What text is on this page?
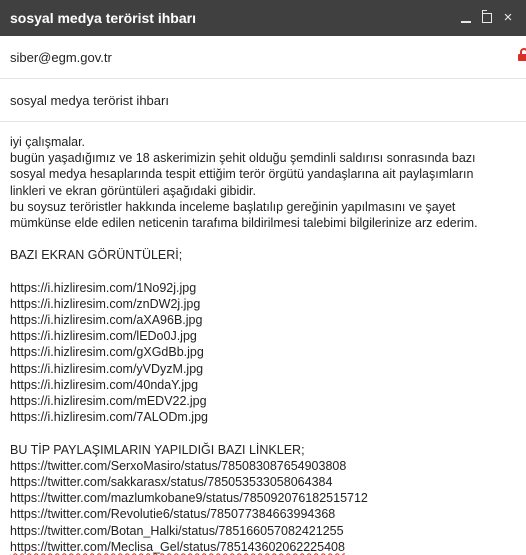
sosyal medya terörist ihbarı	×
siber@egm.gov.tr
sosyal medya terörist ihbarı
iyi çalışmalar.
bugün yaşadığımız ve 18 askerimizin şehit olduğu şemdinli saldırısı sonrasında bazı
sosyal medya hesaplarında tespit ettiğim terör örgütü yandaşlarına ait paylaşımların
linkleri ve ekran görüntüleri aşağıdaki gibidir.
bu soysuz teröristler hakkında inceleme başlatılıp gereğinin yapılmasını ve şayet
mümkünse elde edilen neticenin tarafıma bildirilmesi talebimi bilgilerinize arz ederim.
BAZI EKRAN GÖRÜNTÜLERİ;
https://i.hizliresim.com/1No92j.jpg
https://i.hizliresim.com/znDW2j.jpg
https://i.hizliresim.com/aXA96B.jpg
https://i.hizliresim.com/lEDo0J.jpg
https://i.hizliresim.com/gXGdBb.jpg
https://i.hizliresim.com/yVDyzM.jpg
https://i.hizliresim.com/40ndaY.jpg
https://i.hizliresim.com/mEDV22.jpg
https://i.hizliresim.com/7ALODm.jpg
BU TİP PAYLAŞIMLARIN YAPILDIĞI BAZI LİNKLER;
https://twitter.com/SerxoMasiro/status/785083087654903808
https://twitter.com/sakkarasx/status/785053533058064384
https://twitter.com/mazlumkobane9/status/785092076182515712
https://twitter.com/Revolutie6/status/785077384663994368
https://twitter.com/Botan_Halki/status/785166057082421255
https://twitter.com/Meclisa_Gel/status/785143602062225408
